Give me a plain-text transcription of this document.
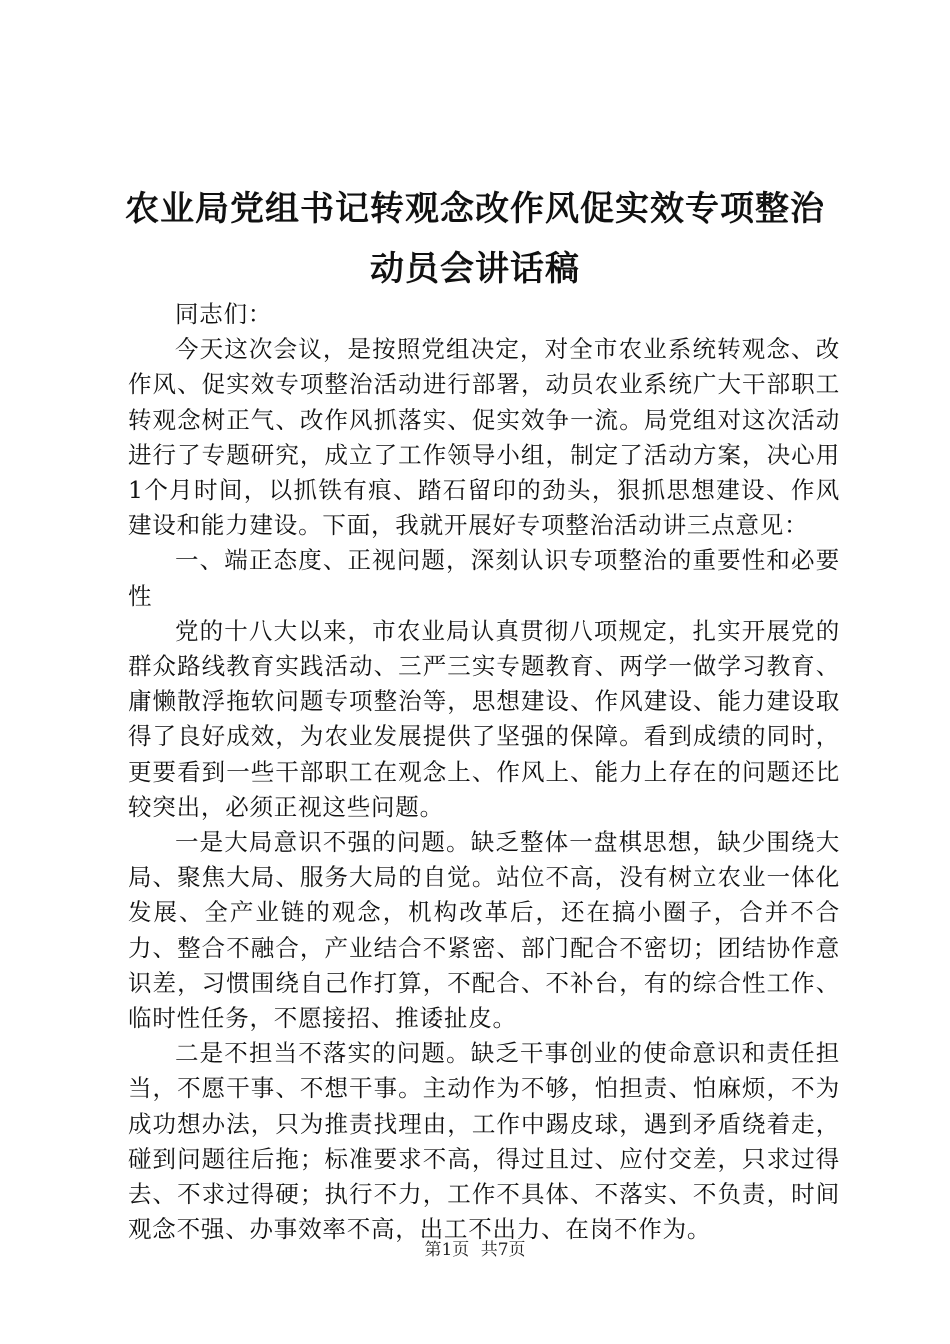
农业局党组书记转观念改作风促实效专项整治
动员会讲话稿

同志们：

今天这次会议，是按照党组决定，对全市农业系统转观念、改作风、促实效专项整治活动进行部署，动员农业系统广大干部职工转观念树正气、改作风抓落实、促实效争一流。局党组对这次活动进行了专题研究，成立了工作领导小组，制定了活动方案，决心用1个月时间，以抓铁有痕、踏石留印的劲头，狠抓思想建设、作风建设和能力建设。下面，我就开展好专项整治活动讲三点意见：

一、端正态度、正视问题，深刻认识专项整治的重要性和必要性

党的十八大以来，市农业局认真贯彻八项规定，扎实开展党的群众路线教育实践活动、三严三实专题教育、两学一做学习教育、庸懒散浮拖软问题专项整治等，思想建设、作风建设、能力建设取得了良好成效，为农业发展提供了坚强的保障。看到成绩的同时，更要看到一些干部职工在观念上、作风上、能力上存在的问题还比较突出，必须正视这些问题。

一是大局意识不强的问题。缺乏整体一盘棋思想，缺少围绕大局、聚焦大局、服务大局的自觉。站位不高，没有树立农业一体化发展、全产业链的观念，机构改革后，还在搞小圈子，合并不合力、整合不融合，产业结合不紧密、部门配合不密切；团结协作意识差，习惯围绕自己作打算，不配合、不补台，有的综合性工作、临时性任务，不愿接招、推诿扯皮。

二是不担当不落实的问题。缺乏干事创业的使命意识和责任担当，不愿干事、不想干事。主动作为不够，怕担责、怕麻烦，不为成功想办法，只为推责找理由，工作中踢皮球，遇到矛盾绕着走，碰到问题往后拖；标准要求不高，得过且过、应付交差，只求过得去、不求过得硬；执行不力，工作不具体、不落实、不负责，时间观念不强、办事效率不高，出工不出力、在岗不作为。

第1页 共7页
